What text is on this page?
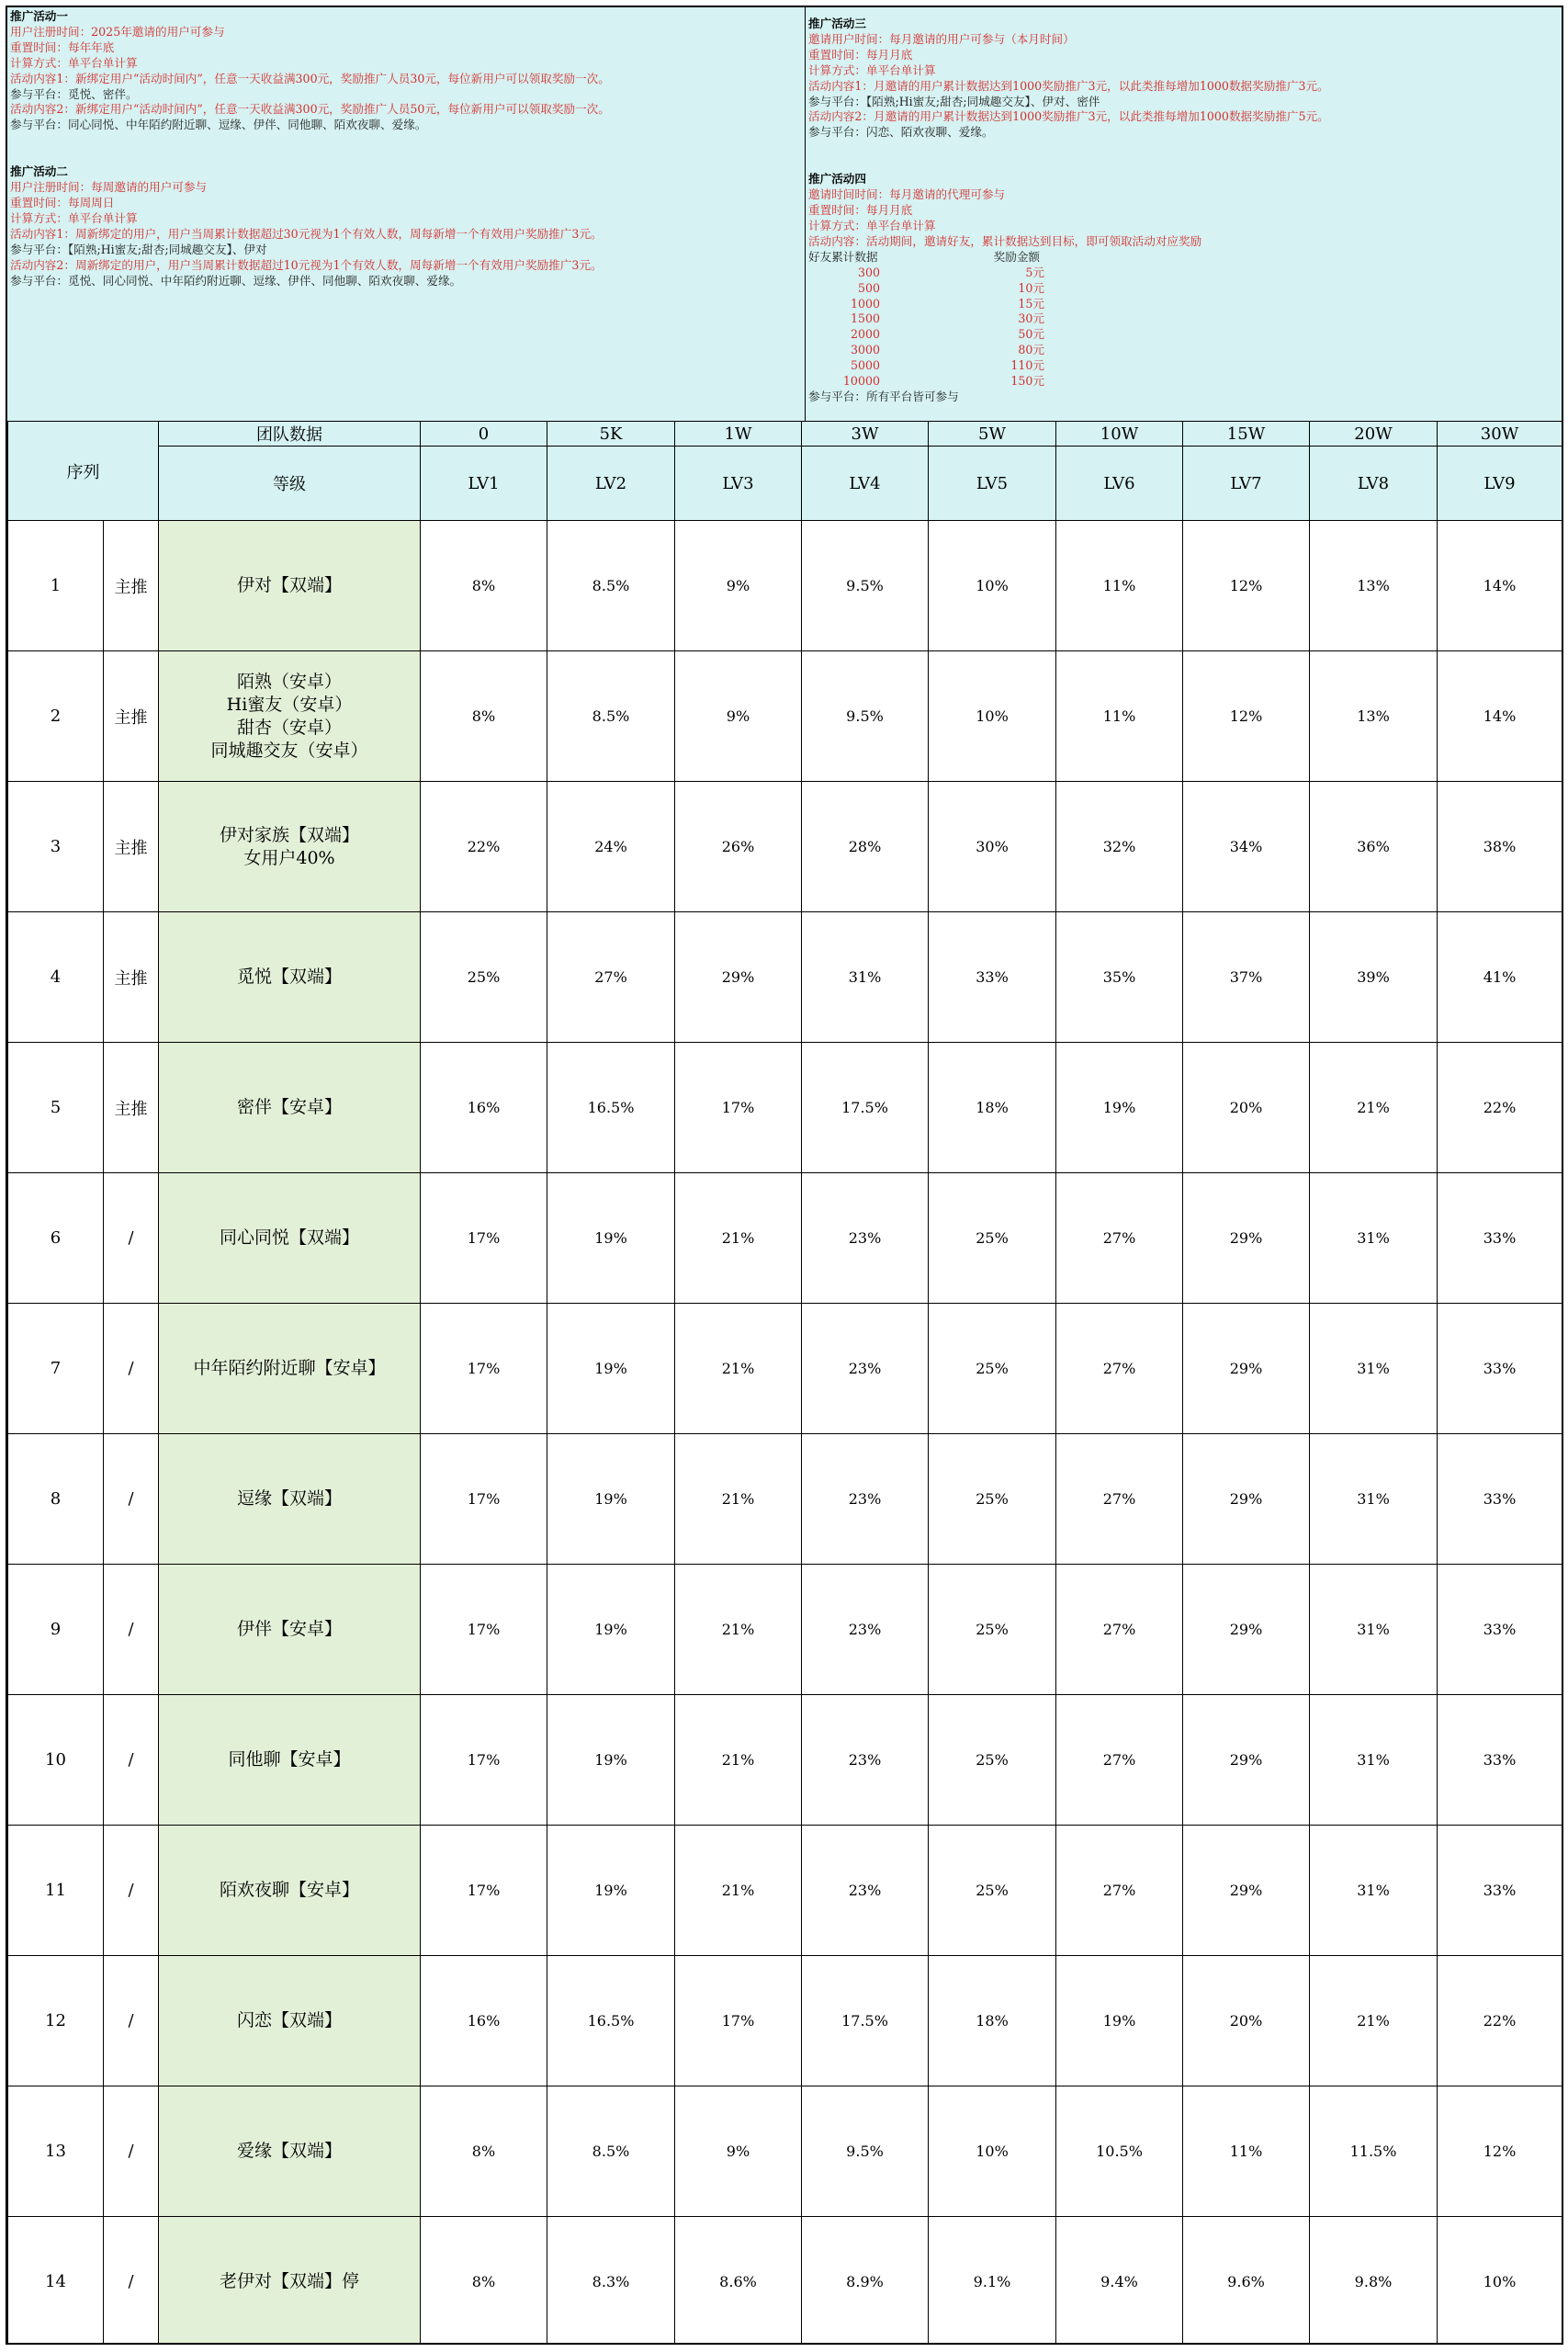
推广活动一
用户注册时间：2025年邀请的用户可参与
重置时间：每年年底
计算方式：单平台单计算
活动内容1：新绑定用户“活动时间内”，任意一天收益满300元，奖励推广人员30元，每位新用户可以领取奖励一次。
参与平台：觅悦、密伴。
活动内容2：新绑定用户“活动时间内”，任意一天收益满300元，奖励推广人员50元，每位新用户可以领取奖励一次。
参与平台：同心同悦、中年陌约附近聊、逗缘、伊伴、同他聊、陌欢夜聊、爱缘。
推广活动二
用户注册时间：每周邀请的用户可参与
重置时间：每周周日
计算方式：单平台单计算
活动内容1：周新绑定的用户，用户当周累计数据超过30元视为1个有效人数，周每新增一个有效用户奖励推广3元。
参与平台：【陌熟;Hi蜜友;甜杏;同城趣交友】、伊对
活动内容2：周新绑定的用户，用户当周累计数据超过10元视为1个有效人数，周每新增一个有效用户奖励推广3元。
参与平台：觅悦、同心同悦、中年陌约附近聊、逗缘、伊伴、同他聊、陌欢夜聊、爱缘。
推广活动三
邀请用户时间：每月邀请的用户可参与（本月时间）
重置时间：每月月底
计算方式：单平台单计算
活动内容1：月邀请的用户累计数据达到1000奖励推广3元，以此类推每增加1000数据奖励推广3元。
参与平台：【陌熟;Hi蜜友;甜杏;同城趣交友】、伊对、密伴
活动内容2：月邀请的用户累计数据达到1000奖励推广3元，以此类推每增加1000数据奖励推广5元。
参与平台：闪恋、陌欢夜聊、爱缘。
推广活动四
邀请时间时间：每月邀请的代理可参与
重置时间：每月月底
计算方式：单平台单计算
活动内容：活动期间，邀请好友，累计数据达到目标，即可领取活动对应奖励
好友累计数据	奖励金额
300	5元
500	10元
1000	15元
1500	30元
2000	50元
3000	80元
5000	110元
10000	150元
参与平台：所有平台皆可参与
序列		团队数据	0	5K	1W	3W	5W	10W	15W	20W	30W
		等级	LV1	LV2	LV3	LV4	LV5	LV6	LV7	LV8	LV9
1	主推	伊对【双端】	8%	8.5%	9%	9.5%	10%	11%	12%	13%	14%
2	主推	陌熟（安卓）
Hi蜜友（安卓）
甜杏（安卓）
同城趣交友（安卓）	8%	8.5%	9%	9.5%	10%	11%	12%	13%	14%
3	主推	伊对家族【双端】
女用户40%	22%	24%	26%	28%	30%	32%	34%	36%	38%
4	主推	觅悦【双端】	25%	27%	29%	31%	33%	35%	37%	39%	41%
5	主推	密伴【安卓】	16%	16.5%	17%	17.5%	18%	19%	20%	21%	22%
6	/	同心同悦【双端】	17%	19%	21%	23%	25%	27%	29%	31%	33%
7	/	中年陌约附近聊【安卓】	17%	19%	21%	23%	25%	27%	29%	31%	33%
8	/	逗缘【双端】	17%	19%	21%	23%	25%	27%	29%	31%	33%
9	/	伊伴【安卓】	17%	19%	21%	23%	25%	27%	29%	31%	33%
10	/	同他聊【安卓】	17%	19%	21%	23%	25%	27%	29%	31%	33%
11	/	陌欢夜聊【安卓】	17%	19%	21%	23%	25%	27%	29%	31%	33%
12	/	闪恋【双端】	16%	16.5%	17%	17.5%	18%	19%	20%	21%	22%
13	/	爱缘【双端】	8%	8.5%	9%	9.5%	10%	10.5%	11%	11.5%	12%
14	/	老伊对【双端】停	8%	8.3%	8.6%	8.9%	9.1%	9.4%	9.6%	9.8%	10%
